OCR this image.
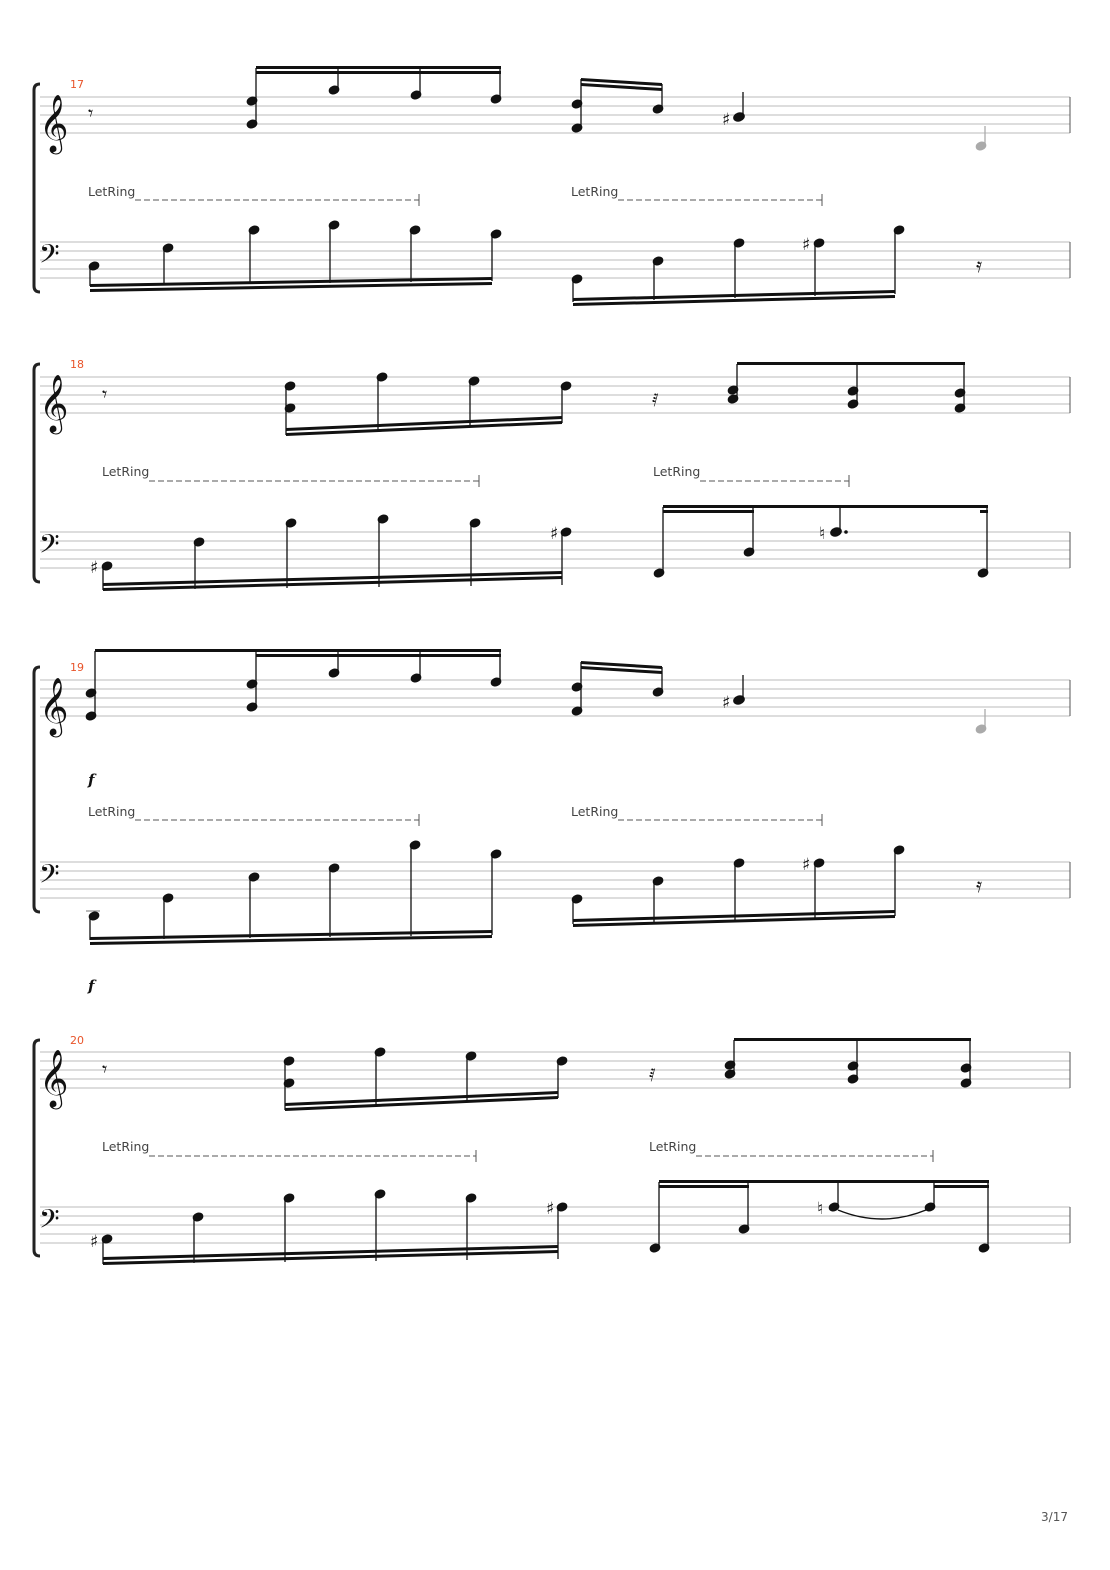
17
𝄞 𝄾	♯
LetRing	LetRing
𝄢	♯
𝄿
18
𝄞 𝄾	𝅀
LetRing	LetRing
𝄢
♯
♯	♮
19
𝄞	♯
f
LetRing	LetRing
𝄢	♯
𝄿
f
20
𝄞 𝄾	𝅀
LetRing	LetRing
𝄢
♯
♯	♮
3/17
